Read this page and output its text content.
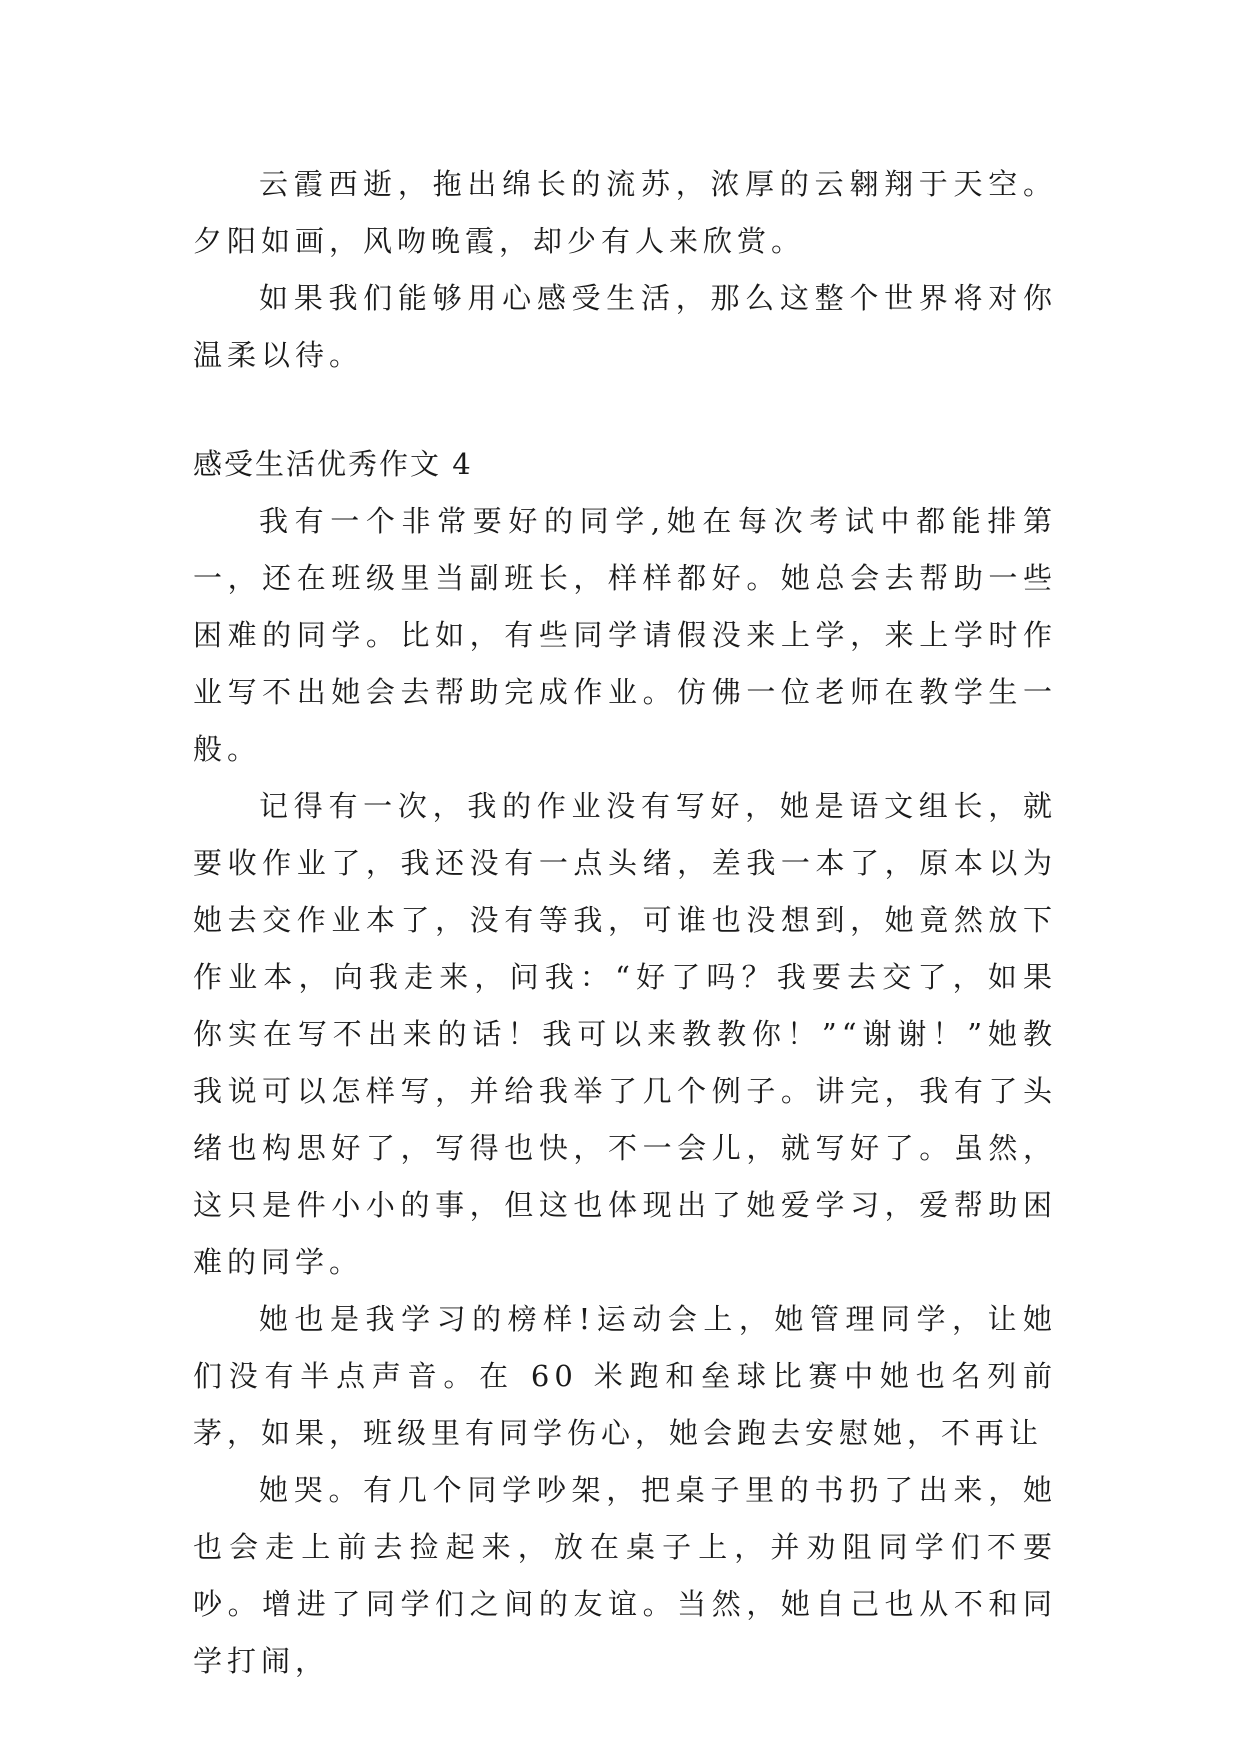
云霞西逝，拖出绵长的流苏，浓厚的云翱翔于天空。夕阳如画，风吻晚霞，却少有人来欣赏。

如果我们能够用心感受生活，那么这整个世界将对你温柔以待。

感受生活优秀作文 4

我有一个非常要好的同学,她在每次考试中都能排第一，还在班级里当副班长，样样都好。她总会去帮助一些困难的同学。比如，有些同学请假没来上学，来上学时作业写不出她会去帮助完成作业。仿佛一位老师在教学生一般。

记得有一次，我的作业没有写好，她是语文组长，就要收作业了，我还没有一点头绪，差我一本了，原本以为她去交作业本了，没有等我，可谁也没想到，她竟然放下作业本，向我走来，问我：“好了吗？我要去交了，如果你实在写不出来的话！我可以来教教你！”“谢谢！”她教我说可以怎样写，并给我举了几个例子。讲完，我有了头绪也构思好了，写得也快，不一会儿，就写好了。虽然，这只是件小小的事，但这也体现出了她爱学习，爱帮助困难的同学。

她也是我学习的榜样!运动会上，她管理同学，让她们没有半点声音。在 60 米跑和垒球比赛中她也名列前茅，如果，班级里有同学伤心，她会跑去安慰她，不再让

她哭。有几个同学吵架，把桌子里的书扔了出来，她也会走上前去捡起来，放在桌子上，并劝阻同学们不要吵。增进了同学们之间的友谊。当然，她自己也从不和同学打闹，
